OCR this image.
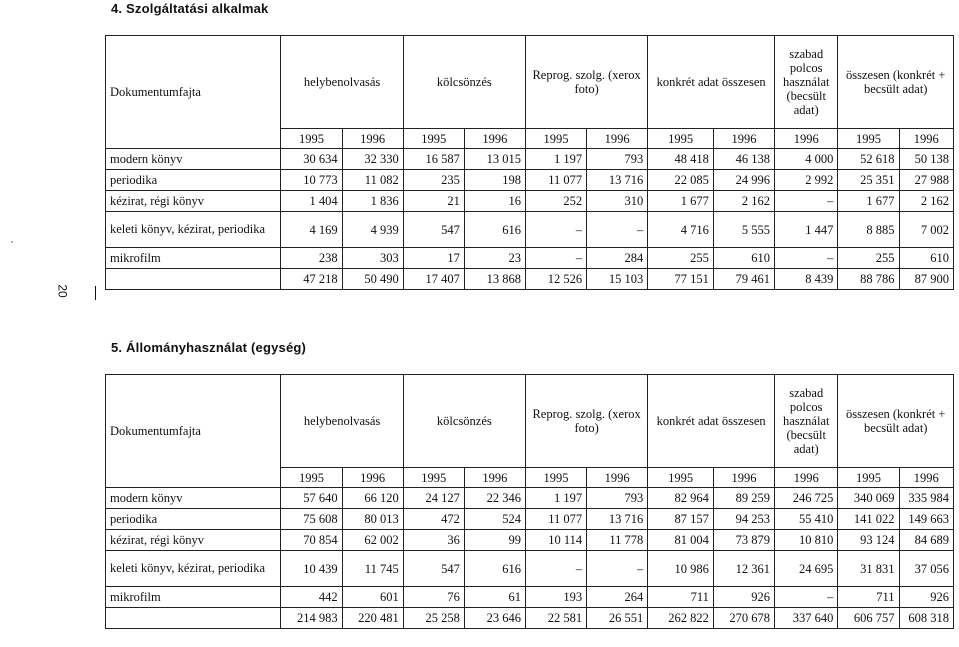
20
4. Szolgáltatási alkalmak
Dokumentumfajta	helybenolvasás		kölcsönzés		Reprog. szolg. (xerox foto)		konkrét adat összesen		szabad polcos használat (becsült adat)	összesen (konkrét + becsült adat)	
	1995	1996	1995	1996	1995	1996	1995	1996	1996	1995	1996
modern könyv	30 634	32 330	16 587	13 015	1 197	793	48 418	46 138	4 000	52 618	50 138
periodika	10 773	11 082	235	198	11 077	13 716	22 085	24 996	2 992	25 351	27 988
kézirat, régi könyv	1 404	1 836	21	16	252	310	1 677	2 162	–	1 677	2 162
keleti könyv, kézirat, periodika	4 169	4 939	547	616	–	–	4 716	5 555	1 447	8 885	7 002
mikrofilm	238	303	17	23	–	284	255	610	–	255	610
	47 218	50 490	17 407	13 868	12 526	15 103	77 151	79 461	8 439	88 786	87 900
5. Állományhasználat (egység)
Dokumentumfajta	helybenolvasás		kölcsönzés		Reprog. szolg. (xerox foto)		konkrét adat összesen		szabad polcos használat (becsült adat)	összesen (konkrét + becsült adat)	
	1995	1996	1995	1996	1995	1996	1995	1996	1996	1995	1996
modern könyv	57 640	66 120	24 127	22 346	1 197	793	82 964	89 259	246 725	340 069	335 984
periodika	75 608	80 013	472	524	11 077	13 716	87 157	94 253	55 410	141 022	149 663
kézirat, régi könyv	70 854	62 002	36	99	10 114	11 778	81 004	73 879	10 810	93 124	84 689
keleti könyv, kézirat, periodika	10 439	11 745	547	616	–	–	10 986	12 361	24 695	31 831	37 056
mikrofilm	442	601	76	61	193	264	711	926	–	711	926
	214 983	220 481	25 258	23 646	22 581	26 551	262 822	270 678	337 640	606 757	608 318
